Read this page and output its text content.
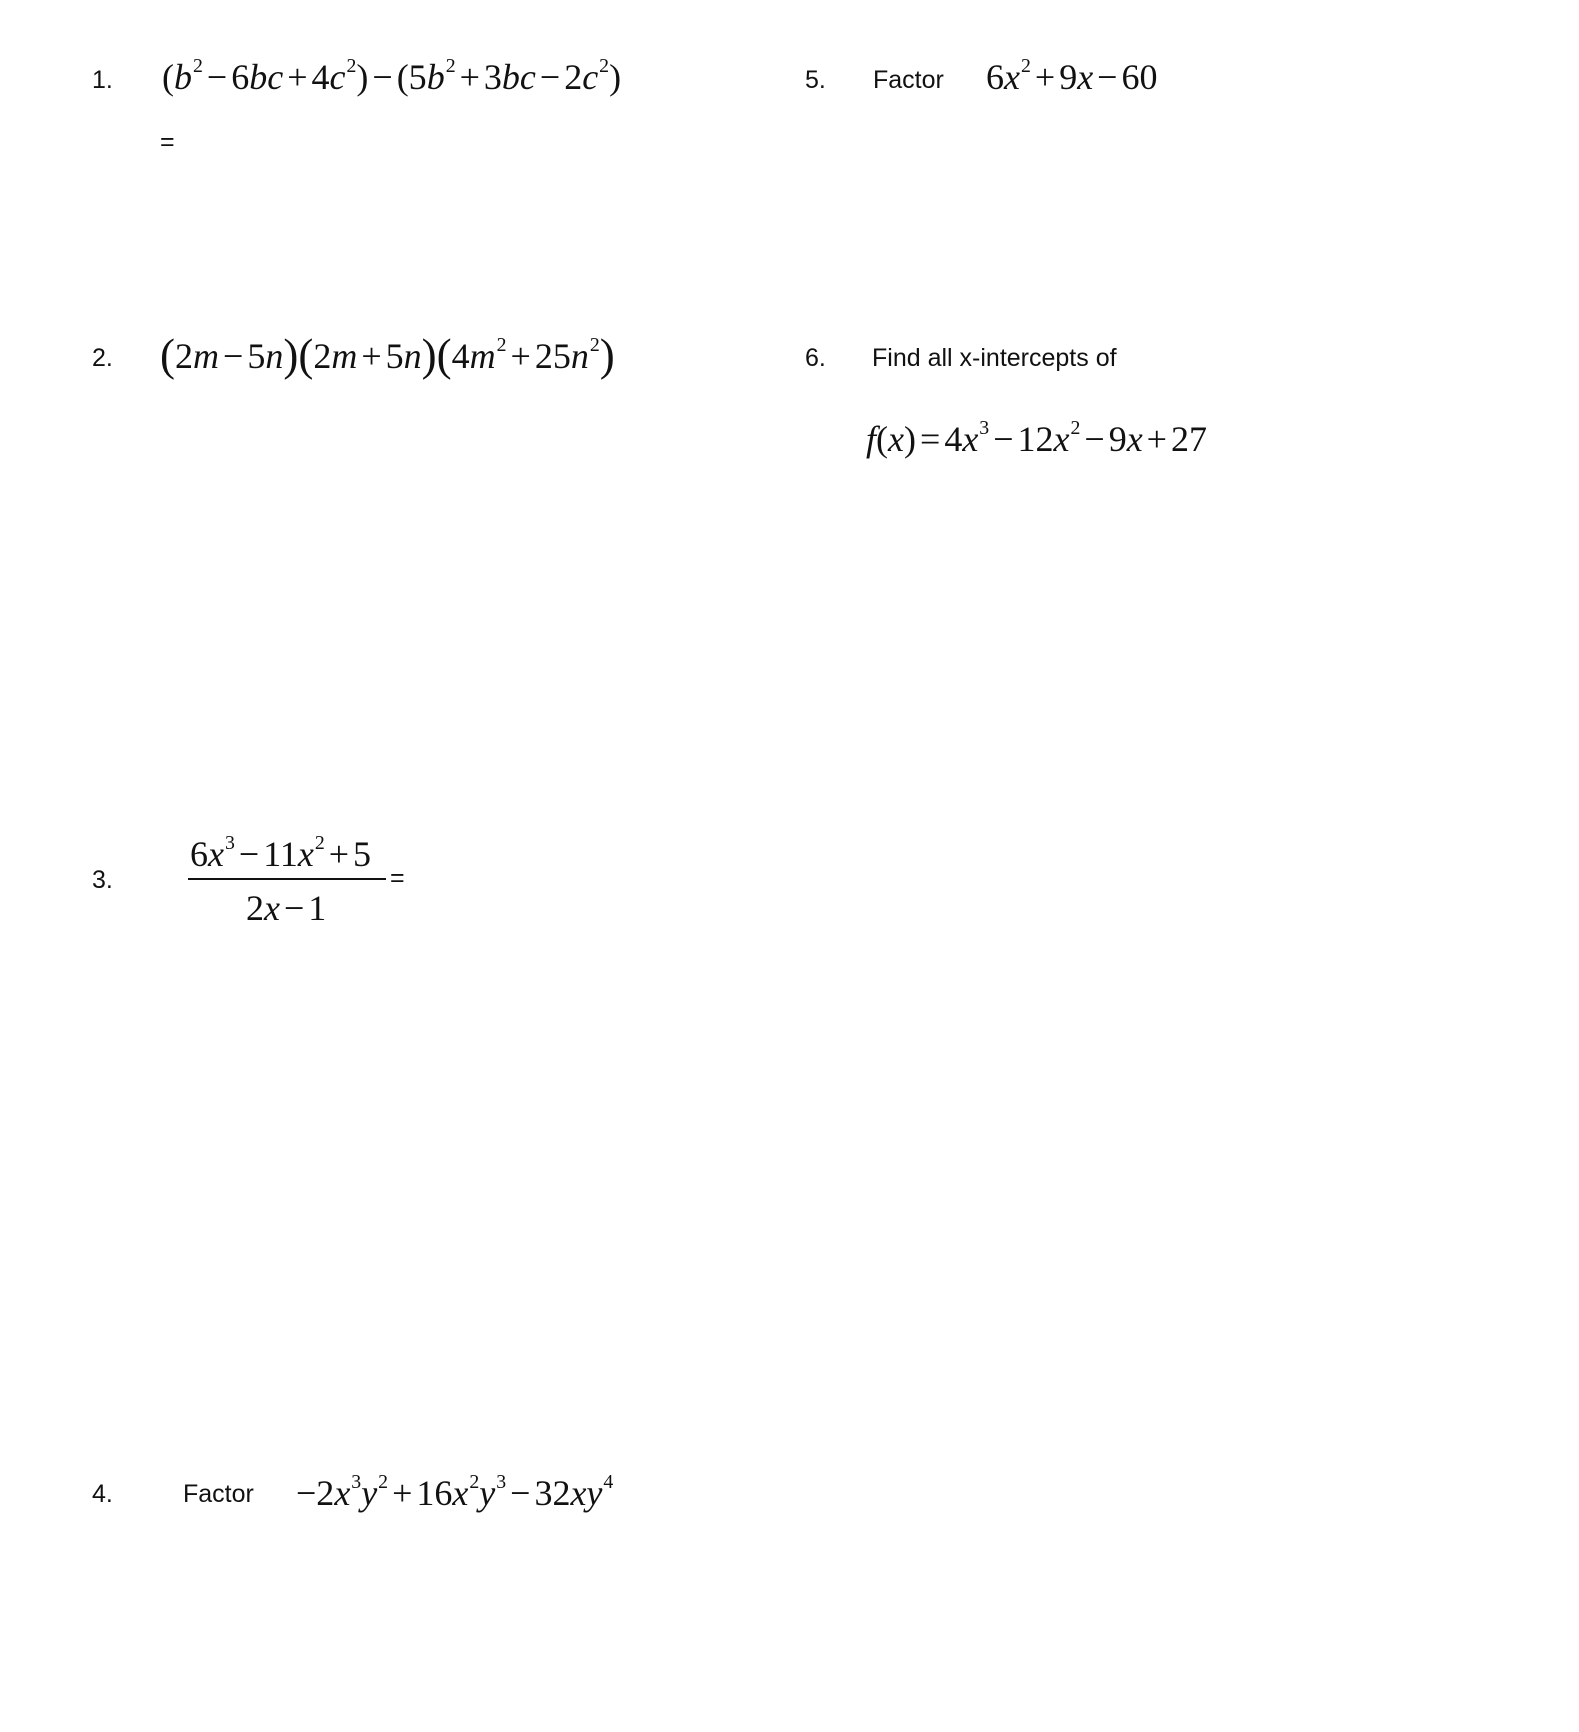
1. $(b^2 - 6bc + 4c^2) - (5b^2 + 3bc - 2c^2)$
=
2. $(2m - 5n)(2m + 5n)(4m^2 + 25n^2)$
3.
$6x^3 - 11x^2 + 5$
2x − 1
=
4.	Factor $-2x^3y^2 + 16x^2y^3 - 32xy^4$
5. Factor $6x^2 + 9x - 60$
6. Find all x-intercepts of
$f(x) = 4x^3 - 12x^2 - 9x + 27$
